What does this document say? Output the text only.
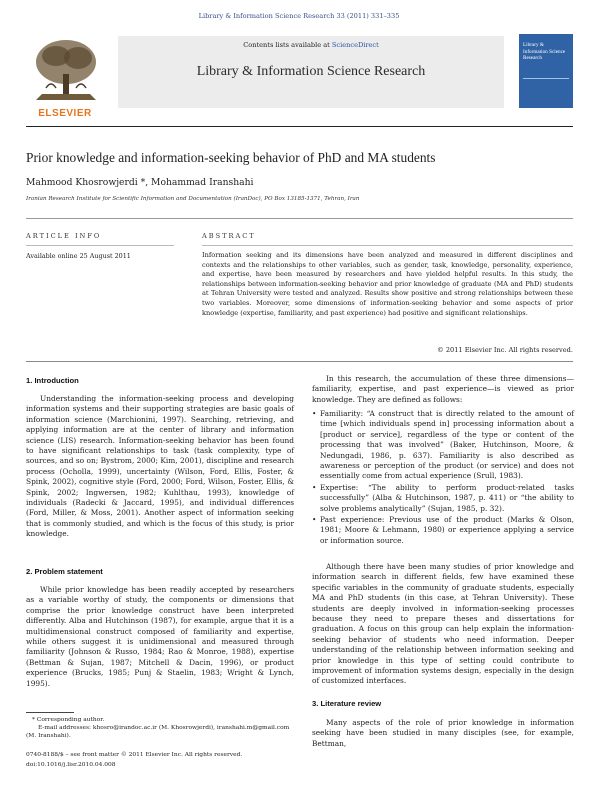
Library & Information Science Research 33 (2011) 331–335
ELSEVIER
Contents lists available at ScienceDirect
Library & Information Science Research
Library & Information Science Research
Prior knowledge and information-seeking behavior of PhD and MA students
Mahmood Khosrowjerdi *, Mohammad Iranshahi
Iranian Research Institute for Scientific Information and Documentation (IranDoc), PO Box 13185-1371, Tehran, Iran
ARTICLE INFO
Available online 25 August 2011
ABSTRACT
Information seeking and its dimensions have been analyzed and measured in different disciplines and contexts and the relationships to other variables, such as gender, task, knowledge, personality, experience, and expertise, have been measured by researchers and have yielded helpful results. In this study, the relationships between information-seeking behavior and prior knowledge of graduate (MA and PhD) students at Tehran University were tested and analyzed. Results show positive and strong relationships between these two variables. Moreover, some dimensions of information-seeking behavior and some aspects of prior knowledge (expertise, familiarity, and past experience) had positive and significant relationships.
© 2011 Elsevier Inc. All rights reserved.
1. Introduction
Understanding the information-seeking process and developing information systems and their supporting strategies are basic goals of information science (Marchionini, 1997). Searching, retrieving, and applying information are at the center of library and information science (LIS) research. Information-seeking behavior has been found to have significant relationships to task (task complexity, type of sources, and so on; Bystrom, 2000; Kim, 2001), discipline and research process (Ocholla, 1999), uncertainty (Wilson, Ford, Ellis, Foster, & Spink, 2002), cognitive style (Ford, 2000; Ford, Wilson, Foster, Ellis, & Spink, 2002; Ingwersen, 1982; Kuhlthau, 1993), knowledge of individuals (Radecki & Jaccard, 1995), and individual differences (Ford, Miller, & Moss, 2001). Another aspect of information seeking that is commonly studied, and which is the focus of this study, is prior knowledge.
2. Problem statement
While prior knowledge has been readily accepted by researchers as a variable worthy of study, the components or dimensions that comprise the prior knowledge construct have been interpreted differently. Alba and Hutchinson (1987), for example, argue that it is a multidimensional construct composed of familiarity and expertise, while others suggest it is unidimensional and measured through familiarity (Johnson & Russo, 1984; Rao & Monroe, 1988), expertise (Bettman & Sujan, 1987; Mitchell & Dacin, 1996), or product experience (Brucks, 1985; Punj & Staelin, 1983; Wright & Lynch, 1995).
* Corresponding author.
E-mail addresses: khosro@irandoc.ac.ir (M. Khosrowjerdi), iranshahi.m@gmail.com (M. Iranshahi).
0740-8188/$ – see front matter © 2011 Elsevier Inc. All rights reserved.
doi:10.1016/j.lisr.2010.04.008
In this research, the accumulation of these three dimensions—familiarity, expertise, and past experience—is viewed as prior knowledge. They are defined as follows:
• Familiarity: “A construct that is directly related to the amount of time [which individuals spend in] processing information about a [product or service], regardless of the type or content of the processing that was involved” (Baker, Hutchinson, Moore, & Nedungadi, 1986, p. 637). Familiarity is also described as awareness or perception of the product (or service) and does not essentially come from actual experience (Srull, 1983).
• Expertise: “The ability to perform product-related tasks successfully” (Alba & Hutchinson, 1987, p. 411) or “the ability to solve problems analytically” (Sujan, 1985, p. 32).
• Past experience: Previous use of the product (Marks & Olson, 1981; Moore & Lehmann, 1980) or experience applying a service or information source.
Although there have been many studies of prior knowledge and information search in different fields, few have examined these specific variables in the community of graduate students, especially MA and PhD students (in this case, at Tehran University). These students are deeply involved in information-seeking processes because they need to prepare theses and dissertations for graduation. A focus on this group can help explain the information-seeking behavior of students who need information. Deeper understanding of the relationship between information seeking and prior knowledge in this type of setting could contribute to improvement of information systems design, especially in the design of customized interfaces.
3. Literature review
Many aspects of the role of prior knowledge in information seeking have been studied in many disciples (see, for example, Bettman,
